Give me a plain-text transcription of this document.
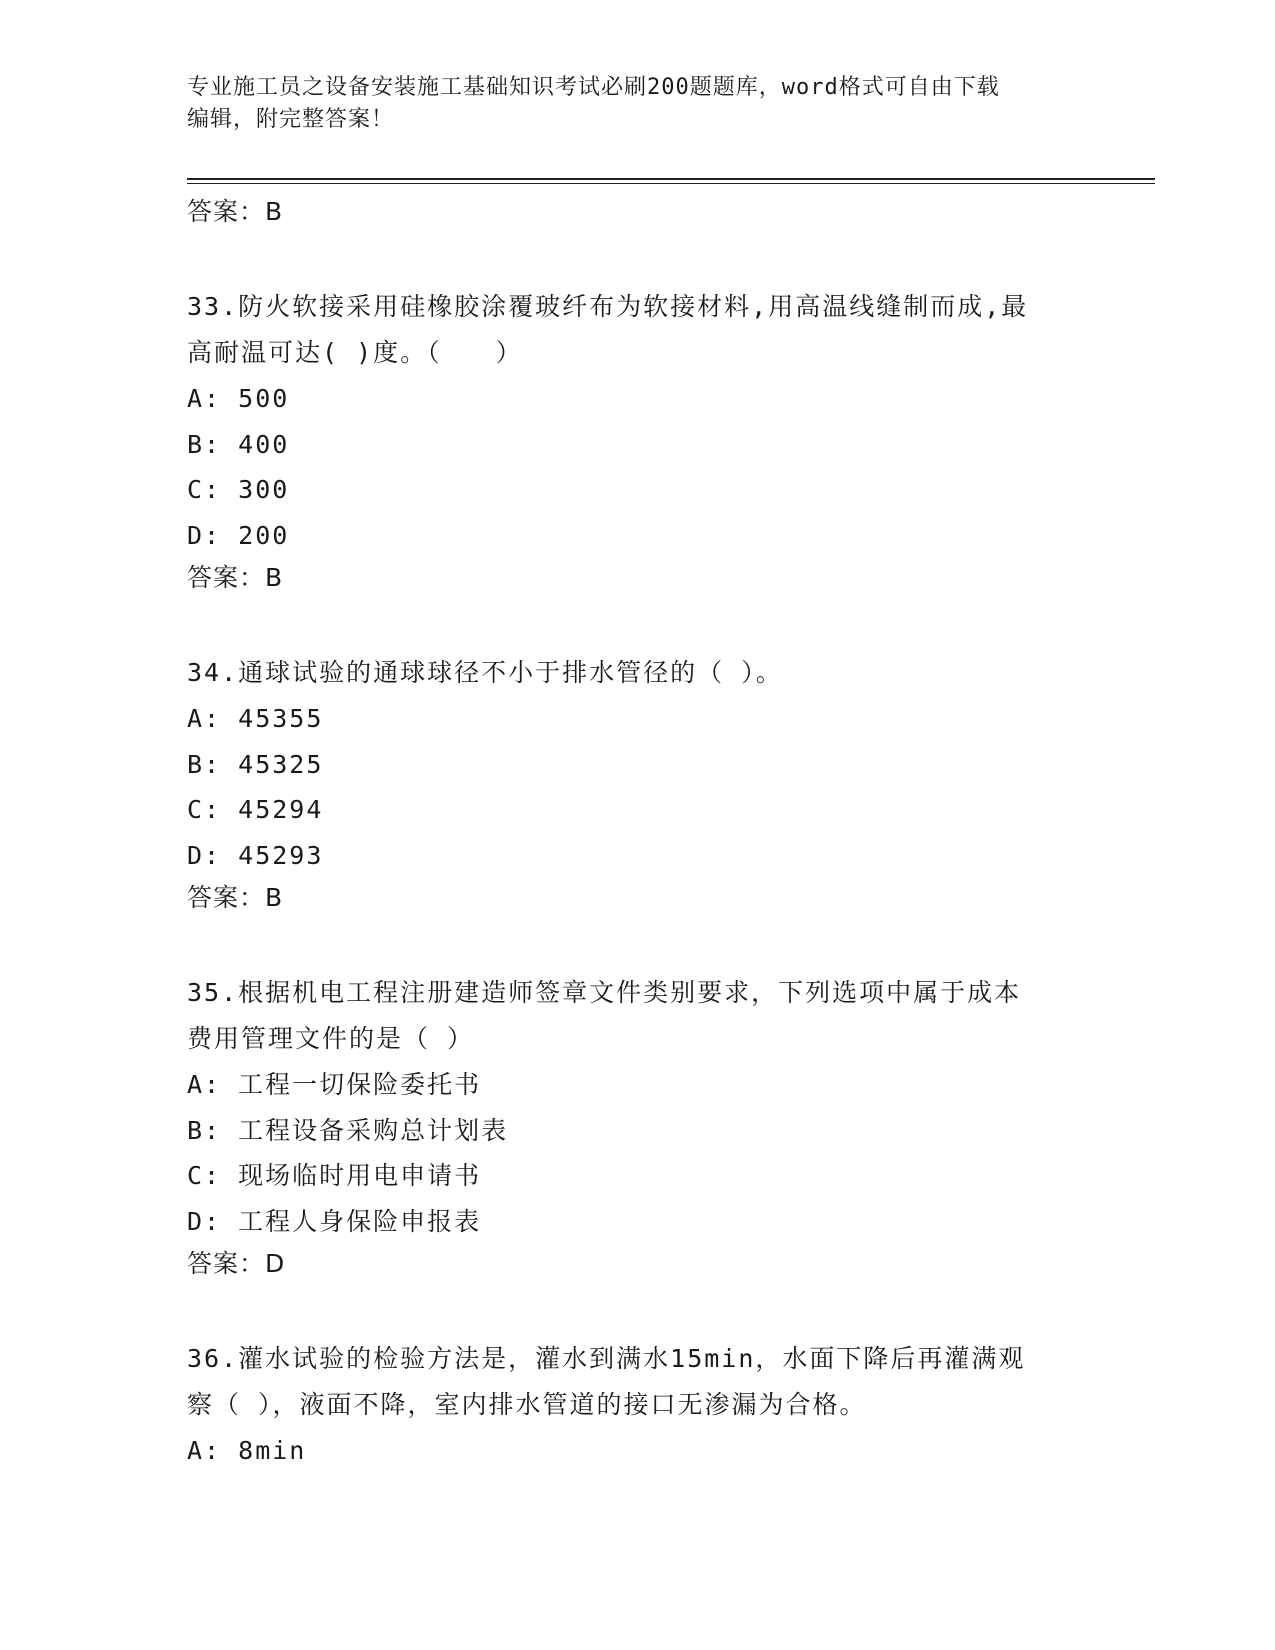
专业施工员之设备安装施工基础知识考试必刷200题题库，word格式可自由下载
编辑，附完整答案！
答案：B
33.防火软接采用硅橡胶涂覆玻纤布为软接材料,用高温线缝制而成,最
高耐温可达( )度。（　　）
A: 500
B: 400
C: 300
D: 200
答案：B
34.通球试验的通球球径不小于排水管径的（ ）。
A: 45355
B: 45325
C: 45294
D: 45293
答案：B
35.根据机电工程注册建造师签章文件类别要求，下列选项中属于成本
费用管理文件的是（ ）
A: 工程一切保险委托书
B: 工程设备采购总计划表
C: 现场临时用电申请书
D: 工程人身保险申报表
答案：D
36.灌水试验的检验方法是，灌水到满水15min，水面下降后再灌满观
察（ ），液面不降，室内排水管道的接口无渗漏为合格。
A: 8min
